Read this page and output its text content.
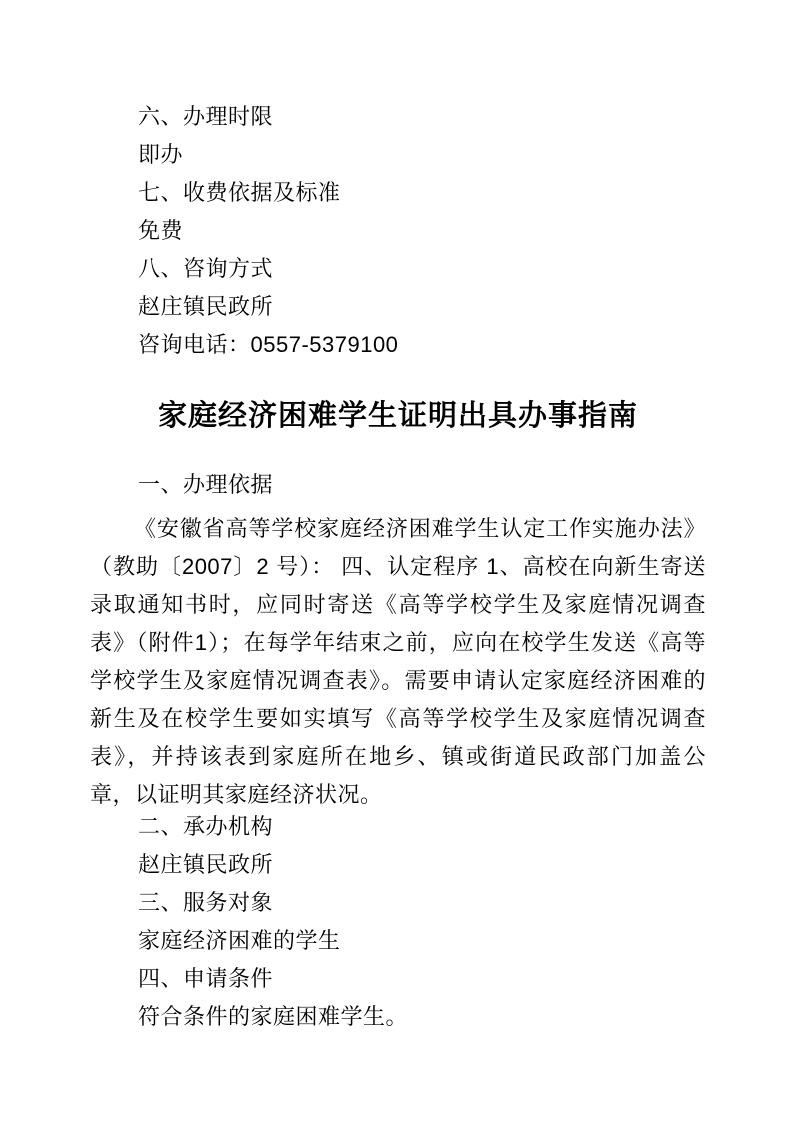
六、办理时限

即办

七、收费依据及标准

免费

八、咨询方式

赵庄镇民政所

咨询电话：0557-5379100

家庭经济困难学生证明出具办事指南

一、办理依据

《安徽省高等学校家庭经济困难学生认定工作实施办法》（教助〔2007〕2 号）： 四、认定程序 1、高校在向新生寄送录取通知书时，应同时寄送《高等学校学生及家庭情况调查表》（附件1）；在每学年结束之前，应向在校学生发送《高等学校学生及家庭情况调查表》。需要申请认定家庭经济困难的新生及在校学生要如实填写《高等学校学生及家庭情况调查表》，并持该表到家庭所在地乡、镇或街道民政部门加盖公章，以证明其家庭经济状况。

二、承办机构

赵庄镇民政所

三、服务对象

家庭经济困难的学生

四、申请条件

符合条件的家庭困难学生。
